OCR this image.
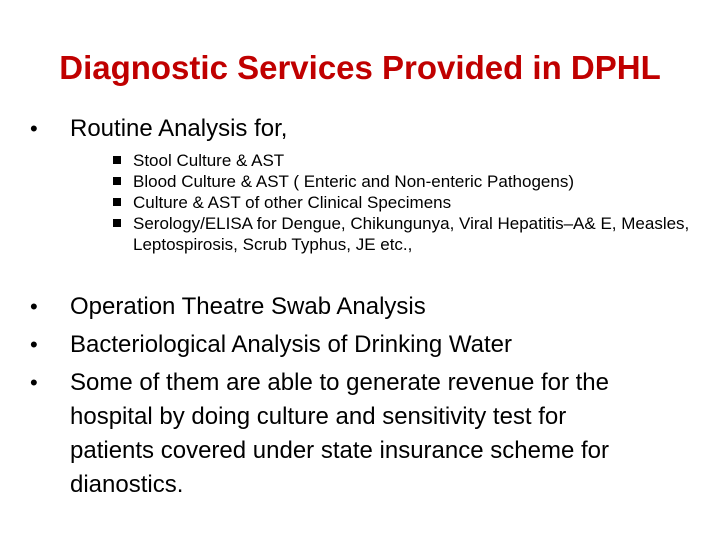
Diagnostic Services Provided in DPHL
•	Routine Analysis for,
Stool Culture & AST
Blood Culture & AST ( Enteric and Non-enteric Pathogens)
Culture & AST of other Clinical Specimens
Serology/ELISA for Dengue, Chikungunya, Viral Hepatitis–A& E, Measles, Leptospirosis, Scrub Typhus, JE etc.,
•	Operation Theatre Swab Analysis
•	Bacteriological Analysis of Drinking Water
•	Some of them are able to generate revenue for the hospital by doing culture and sensitivity test for patients covered under state insurance scheme for dianostics.
